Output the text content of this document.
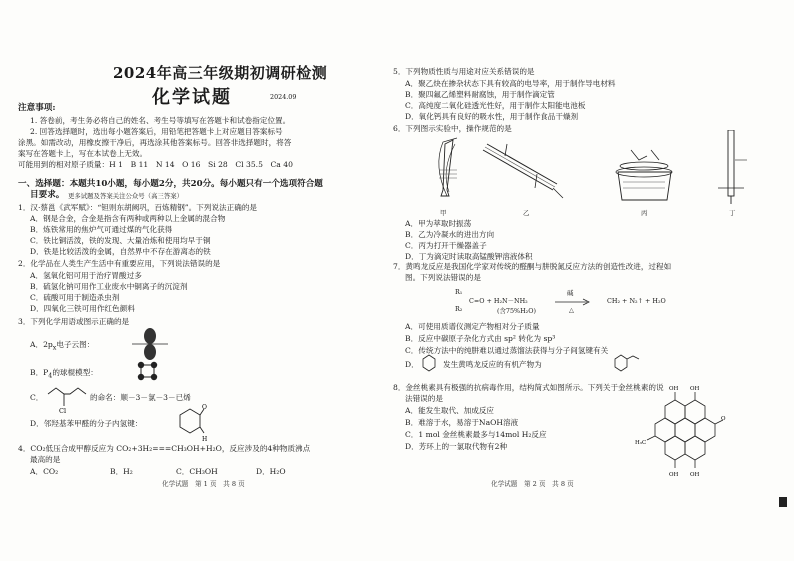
2024年高三年级期初调研检测
化学试题	2024.09
注意事项:
1. 答卷前，考生务必将自己的姓名、考生号等填写在答题卡和试卷指定位置。
2. 回答选择题时，选出每小题答案后，用铅笔把答题卡上对应题目答案标号
涂黑。如需改动，用橡皮擦干净后，再选涂其他答案标号。回答非选择题时，将答
案写在答题卡上，写在本试卷上无效。
可能用到的相对原子质量：H 1　B 11　N 14　O 16　Si 28　Cl 35.5　Ca 40
一、选择题：本题共10小题，每小题2分，共20分。每小题只有一个选项符合题
目要求。 更多试题及答案关注公众号（高三答案）
1．汉·蔡邕《武军赋》：“钽则东胡阙巩，百炼精钢”。下列说法正确的是
A．钢是合金，合金是指含有两种或两种以上金属的混合物
B．炼铁常用的焦炉气可通过煤的气化获得
C．铁比铜活泼，铁的发现、大量冶炼和使用均早于铜
D．铁是比较活泼的金属，自然界中不存在游离态的铁
2．化学品在人类生产生活中有重要应用，下列说法错误的是
A．氢氧化铝可用于治疗胃酸过多
B．硫氢化钠可用作工业废水中铜离子的沉淀剂
C．硫酸可用于制造杀虫剂
D．四氧化三铁可用作红色颜料
3．下列化学用语或图示正确的是
A．$2p_x$电子云图：
B．$P_4$的球棍模型：
C．
Cl
的命名：顺－3－氯－3－已烯
D．邻羟基苯甲醛的分子内氢键：
O
H
4．CO₂低压合成甲醇反应为 CO₂+3H₂===CH₃OH+H₂O，反应涉及的4种物质沸点
最高的是
A．CO₂	B．H₂	C．CH₃OH	D．H₂O
化学试题　第 1 页　共 8 页
5．下列物质性质与用途对应关系错误的是
A．聚乙炔在掺杂状态下具有较高的电导率，用于制作导电材料
B．聚四氟乙烯塑料耐腐蚀，用于制作滴定管
C．高纯度二氧化硅透光性好，用于制作太阳能电池板
D．氧化钙具有良好的吸水性，用于制作食品干燥剂
6．下列图示实验中，操作规范的是
甲	乙	丙	丁
A．甲为萃取时振荡
B．乙为冷凝水的进出方向
C．丙为打开干燥器盖子
D．丁为滴定时读取高锰酸钾溶液体积
7．黄鸣龙反应是我国化学家对传统的醛酮与肼脱氮反应方法的创造性改进，过程如
图。下列说法错误的是
R₁
R₂
C=O + H₂N－NH₂
(含75%H₂O)
碱
△
CH₂ + N₂↑ + H₂O
A．可使用质谱仪测定产物相对分子质量
B．反应中碳原子杂化方式由 sp² 转化为 sp³
C．传统方法中的纯肼难以通过蒸馏法获得与分子间氢键有关
D．	发生黄鸣龙反应的有机产物为
8．金丝桃素具有极强的抗病毒作用，结构简式如图所示。下列关于金丝桃素的说
法错误的是
A．能发生取代、加成反应
B．难溶于水，易溶于NaOH溶液
C．1 mol 金丝桃素最多与14mol H₂反应
D．芳环上的一氯取代物有2种
OH OH
OH OH
H₃C
O
化学试题　第 2 页　共 8 页
